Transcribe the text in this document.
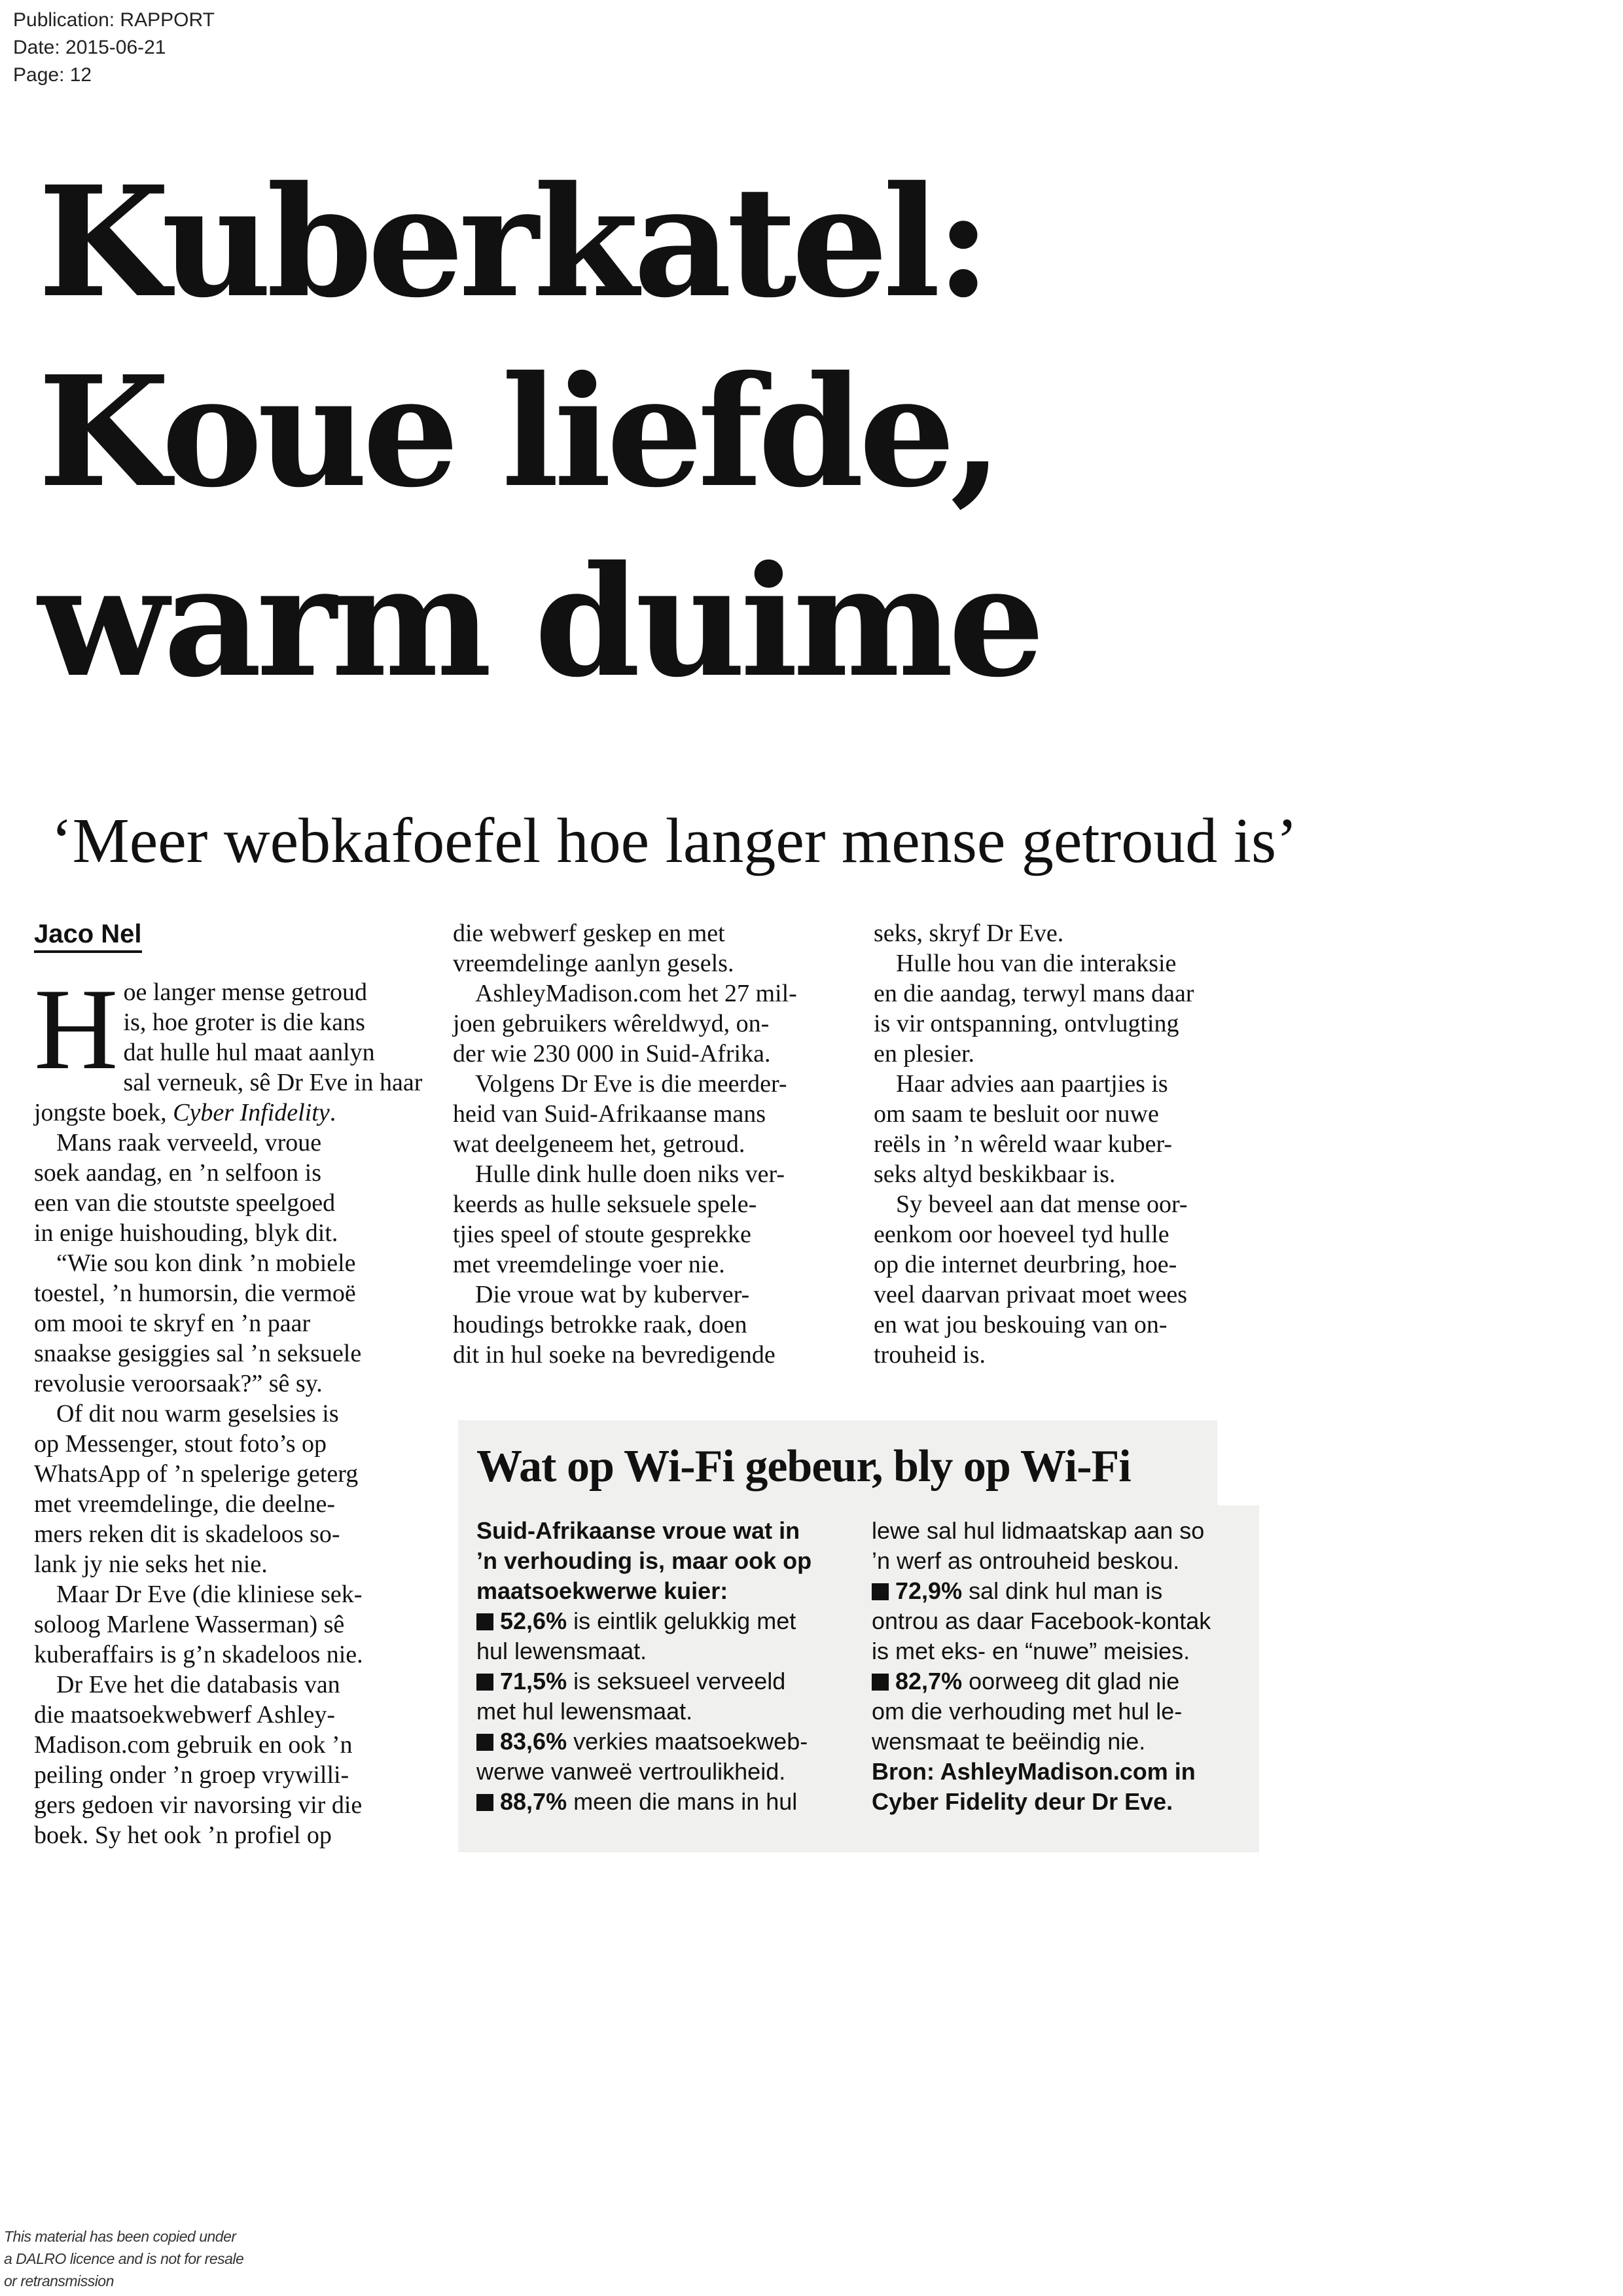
Publication: RAPPORT
Date: 2015-06-21
Page: 12
Kuberkatel:
Koue liefde,
warm duime
‘Meer webkafoefel hoe langer mense getroud is’
Jaco Nel
H oe langer mense getroud

is, hoe groter is die kans

dat hulle hul maat aanlyn

sal verneuk, sê Dr Eve in haar

jongste boek, Cyber Infidelity.

Mans raak verveeld, vroue

soek aandag, en ’n selfoon is

een van die stoutste speelgoed

in enige huishouding, blyk dit.

“Wie sou kon dink ’n mobiele

toestel, ’n humorsin, die vermoë

om mooi te skryf en ’n paar

snaakse gesiggies sal ’n seksuele

revolusie veroorsaak?” sê sy.

Of dit nou warm geselsies is

op Messenger, stout foto’s op

WhatsApp of ’n spelerige geterg

met vreemdelinge, die deelne-

mers reken dit is skadeloos so-

lank jy nie seks het nie.

Maar Dr Eve (die kliniese sek-

soloog Marlene Wasserman) sê

kuberaffairs is g’n skadeloos nie.

Dr Eve het die databasis van

die maatsoekwebwerf Ashley-

Madison.com gebruik en ook ’n

peiling onder ’n groep vrywilli-

gers gedoen vir navorsing vir die

boek. Sy het ook ’n profiel op

die webwerf geskep en met

vreemdelinge aanlyn gesels.

AshleyMadison.com het 27 mil-

joen gebruikers wêreldwyd, on-

der wie 230 000 in Suid-Afrika.

Volgens Dr Eve is die meerder-

heid van Suid-Afrikaanse mans

wat deelgeneem het, getroud.

Hulle dink hulle doen niks ver-

keerds as hulle seksuele spele-

tjies speel of stoute gesprekke

met vreemdelinge voer nie.

Die vroue wat by kuberver-

houdings betrokke raak, doen

dit in hul soeke na bevredigende

seks, skryf Dr Eve.

Hulle hou van die interaksie

en die aandag, terwyl mans daar

is vir ontspanning, ontvlugting

en plesier.

Haar advies aan paartjies is

om saam te besluit oor nuwe

reëls in ’n wêreld waar kuber-

seks altyd beskikbaar is.

Sy beveel aan dat mense oor-

eenkom oor hoeveel tyd hulle

op die internet deurbring, hoe-

veel daarvan privaat moet wees

en wat jou beskouing van on-

trouheid is.

Wat op Wi-Fi gebeur, bly op Wi-Fi

Suid-Afrikaanse vroue wat in

’n verhouding is, maar ook op

maatsoekwerwe kuier:

52,6% is eintlik gelukkig met

hul lewensmaat.

71,5% is seksueel verveeld

met hul lewensmaat.

83,6% verkies maatsoekweb-

werwe vanweë vertroulikheid.

88,7% meen die mans in hul

lewe sal hul lidmaatskap aan so

’n werf as ontrouheid beskou.

72,9% sal dink hul man is

ontrou as daar Facebook-kontak

is met eks- en “nuwe” meisies.

82,7% oorweeg dit glad nie

om die verhouding met hul le-

wensmaat te beëindig nie.

Bron: AshleyMadison.com in

Cyber Fidelity deur Dr Eve.

This material has been copied under
a DALRO licence and is not for resale
or retransmission
